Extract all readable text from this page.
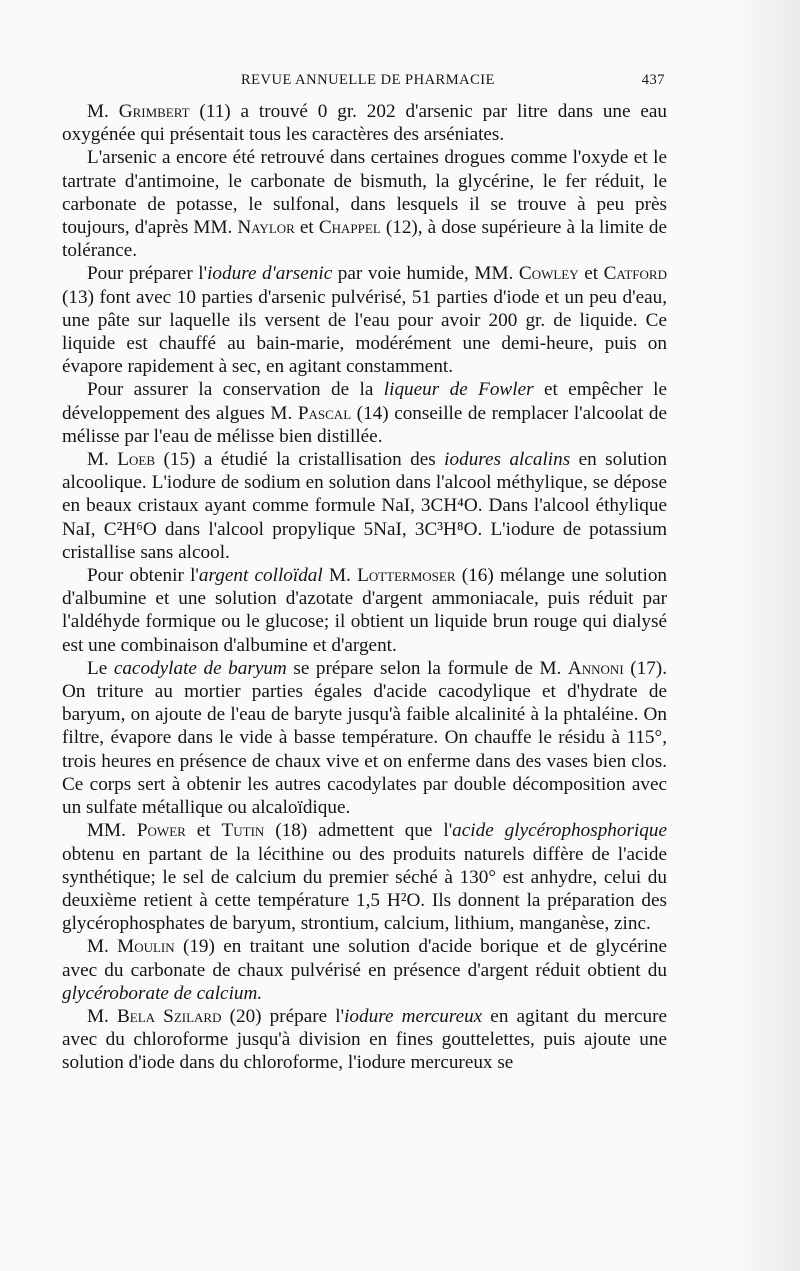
REVUE ANNUELLE DE PHARMACIE	437

M. Grimbert (11) a trouvé 0 gr. 202 d'arsenic par litre dans une eau oxygénée qui présentait tous les caractères des arséniates.

L'arsenic a encore été retrouvé dans certaines drogues comme l'oxyde et le tartrate d'antimoine, le carbonate de bismuth, la glycérine, le fer réduit, le carbonate de potasse, le sulfonal, dans lesquels il se trouve à peu près toujours, d'après MM. Naylor et Chappel (12), à dose supérieure à la limite de tolérance.

Pour préparer l'iodure d'arsenic par voie humide, MM. Cowley et Catford (13) font avec 10 parties d'arsenic pulvérisé, 51 parties d'iode et un peu d'eau, une pâte sur laquelle ils versent de l'eau pour avoir 200 gr. de liquide. Ce liquide est chauffé au bain-marie, modérément une demi-heure, puis on évapore rapidement à sec, en agitant constamment.

Pour assurer la conservation de la liqueur de Fowler et empêcher le développement des algues M. Pascal (14) conseille de remplacer l'alcoolat de mélisse par l'eau de mélisse bien distillée.

M. Loeb (15) a étudié la cristallisation des iodures alcalins en solution alcoolique. L'iodure de sodium en solution dans l'alcool méthylique, se dépose en beaux cristaux ayant comme formule NaI, 3CH⁴O. Dans l'alcool éthylique NaI, C²H⁶O dans l'alcool propylique 5NaI, 3C³H⁸O. L'iodure de potassium cristallise sans alcool.

Pour obtenir l'argent colloïdal M. Lottermoser (16) mélange une solution d'albumine et une solution d'azotate d'argent ammoniacale, puis réduit par l'aldéhyde formique ou le glucose; il obtient un liquide brun rouge qui dialysé est une combinaison d'albumine et d'argent.

Le cacodylate de baryum se prépare selon la formule de M. Annoni (17). On triture au mortier parties égales d'acide cacodylique et d'hydrate de baryum, on ajoute de l'eau de baryte jusqu'à faible alcalinité à la phtaléine. On filtre, évapore dans le vide à basse température. On chauffe le résidu à 115°, trois heures en présence de chaux vive et on enferme dans des vases bien clos. Ce corps sert à obtenir les autres cacodylates par double décomposition avec un sulfate métallique ou alcaloïdique.

MM. Power et Tutin (18) admettent que l'acide glycérophosphorique obtenu en partant de la lécithine ou des produits naturels diffère de l'acide synthétique; le sel de calcium du premier séché à 130° est anhydre, celui du deuxième retient à cette température 1,5 H²O. Ils donnent la préparation des glycérophosphates de baryum, strontium, calcium, lithium, manganèse, zinc.

M. Moulin (19) en traitant une solution d'acide borique et de glycérine avec du carbonate de chaux pulvérisé en présence d'argent réduit obtient du glycéroborate de calcium.

M. Bela Szilard (20) prépare l'iodure mercureux en agitant du mercure avec du chloroforme jusqu'à division en fines gouttelettes, puis ajoute une solution d'iode dans du chloroforme, l'iodure mercureux se
